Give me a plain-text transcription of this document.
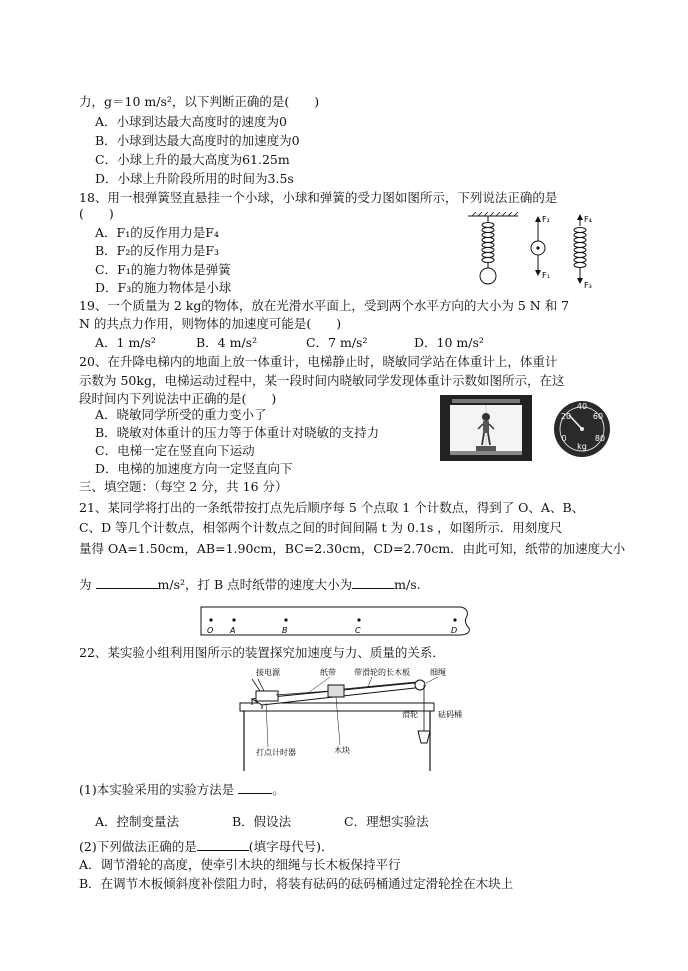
力，g＝10 m/s²，以下判断正确的是(　　)
A．小球到达最大高度时的速度为0
B．小球到达最大高度时的加速度为0
C．小球上升的最大高度为61.25m
D．小球上升阶段所用的时间为3.5s
18、用一根弹簧竖直悬挂一个小球，小球和弹簧的受力图如图所示，下列说法正确的是
(　　)
A．F₁的反作用力是F₄
B．F₂的反作用力是F₃
C．F₁的施力物体是弹簧
D．F₃的施力物体是小球
F₂
F₁
F₄
F₃
19、一个质量为 2 kg的物体，放在光滑水平面上，受到两个水平方向的大小为 5 N 和 7
N 的共点力作用，则物体的加速度可能是(　　)
A．1 m/s²	B．4 m/s²	C．7 m/s²	D．10 m/s²
20、在升降电梯内的地面上放一体重计，电梯静止时，晓敏同学站在体重计上，体重计
示数为 50kg，电梯运动过程中，某一段时间内晓敏同学发现体重计示数如图所示，在这
段时间内下列说法中正确的是(　　)
A．晓敏同学所受的重力变小了
B．晓敏对体重计的压力等于体重计对晓敏的支持力
C．电梯一定在竖直向下运动
D．电梯的加速度方向一定竖直向下
40
20	60
0	80
kg
三、填空题：（每空 2 分，共 16 分）
21、某同学将打出的一条纸带按打点先后顺序每 5 个点取 1 个计数点，得到了 O、A、B、
C、D 等几个计数点，相邻两个计数点之间的时间间隔 t 为 0.1s ，如图所示．用刻度尺
量得 OA=1.50cm，AB=1.90cm，BC=2.30cm，CD=2.70cm．由此可知，纸带的加速度大小
为	m/s²，打 B 点时纸带的速度大小为	m/s.
O A	B	C	D
22、某实验小组利用图所示的装置探究加速度与力、质量的关系．
接电源	纸带 带滑轮的长木板	细绳
滑轮	砝码桶
打点计时器	木块
(1)本实验采用的实验方法是	。
A．控制变量法	B．假设法	C．理想实验法
(2)下列做法正确的是	(填字母代号)．
A．调节滑轮的高度，使牵引木块的细绳与长木板保持平行
B．在调节木板倾斜度补偿阻力时，将装有砝码的砝码桶通过定滑轮拴在木块上
